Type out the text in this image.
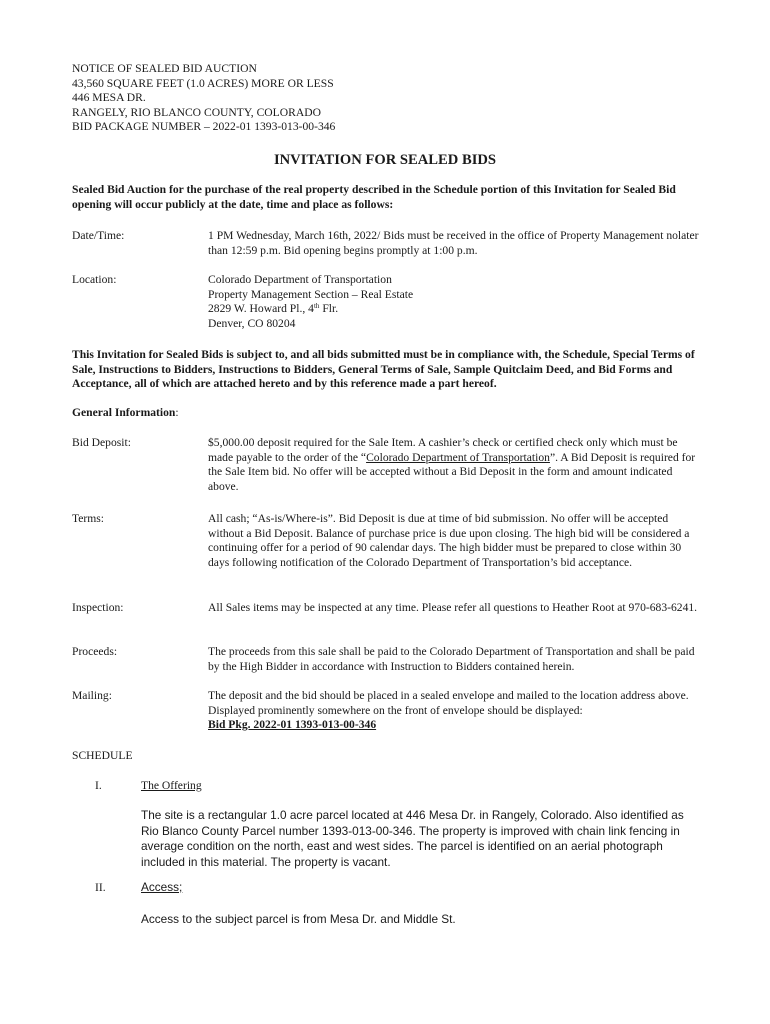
NOTICE OF SEALED BID AUCTION
43,560 SQUARE FEET (1.0 ACRES) MORE OR LESS
446 MESA DR.
RANGELY, RIO BLANCO COUNTY, COLORADO
BID PACKAGE NUMBER – 2022-01 1393-013-00-346
INVITATION FOR SEALED BIDS
Sealed Bid Auction for the purchase of the real property described in the Schedule portion of this Invitation for Sealed Bid opening will occur publicly at the date, time and place as follows:
Date/Time:	1 PM Wednesday, March 16th, 2022/ Bids must be received in the office of Property Management nolater than 12:59 p.m. Bid opening begins promptly at 1:00 p.m.
Location:	Colorado Department of Transportation
Property Management Section – Real Estate
2829 W. Howard Pl., 4th Flr.
Denver, CO 80204
This Invitation for Sealed Bids is subject to, and all bids submitted must be in compliance with, the Schedule, Special Terms of Sale, Instructions to Bidders, Instructions to Bidders, General Terms of Sale, Sample Quitclaim Deed, and Bid Forms and Acceptance, all of which are attached hereto and by this reference made a part hereof.
General Information:
Bid Deposit:	$5,000.00 deposit required for the Sale Item. A cashier’s check or certified check only which must be made payable to the order of the “Colorado Department of Transportation”. A Bid Deposit is required for the Sale Item bid. No offer will be accepted without a Bid Deposit in the form and amount indicated above.
Terms:	All cash; “As-is/Where-is”. Bid Deposit is due at time of bid submission. No offer will be accepted without a Bid Deposit. Balance of purchase price is due upon closing. The high bid will be considered a continuing offer for a period of 90 calendar days. The high bidder must be prepared to close within 30 days following notification of the Colorado Department of Transportation’s bid acceptance.
Inspection:	All Sales items may be inspected at any time. Please refer all questions to Heather Root at 970-683-6241.
Proceeds:	The proceeds from this sale shall be paid to the Colorado Department of Transportation and shall be paid by the High Bidder in accordance with Instruction to Bidders contained herein.
Mailing:	The deposit and the bid should be placed in a sealed envelope and mailed to the location address above. Displayed prominently somewhere on the front of envelope should be displayed:
Bid Pkg. 2022-01 1393-013-00-346
SCHEDULE
I.	The Offering
The site is a rectangular 1.0 acre parcel located at 446 Mesa Dr. in Rangely, Colorado. Also identified as Rio Blanco County Parcel number 1393-013-00-346. The property is improved with chain link fencing in average condition on the north, east and west sides. The parcel is identified on an aerial photograph included in this material. The property is vacant.
II.	Access;
Access to the subject parcel is from Mesa Dr. and Middle St.
